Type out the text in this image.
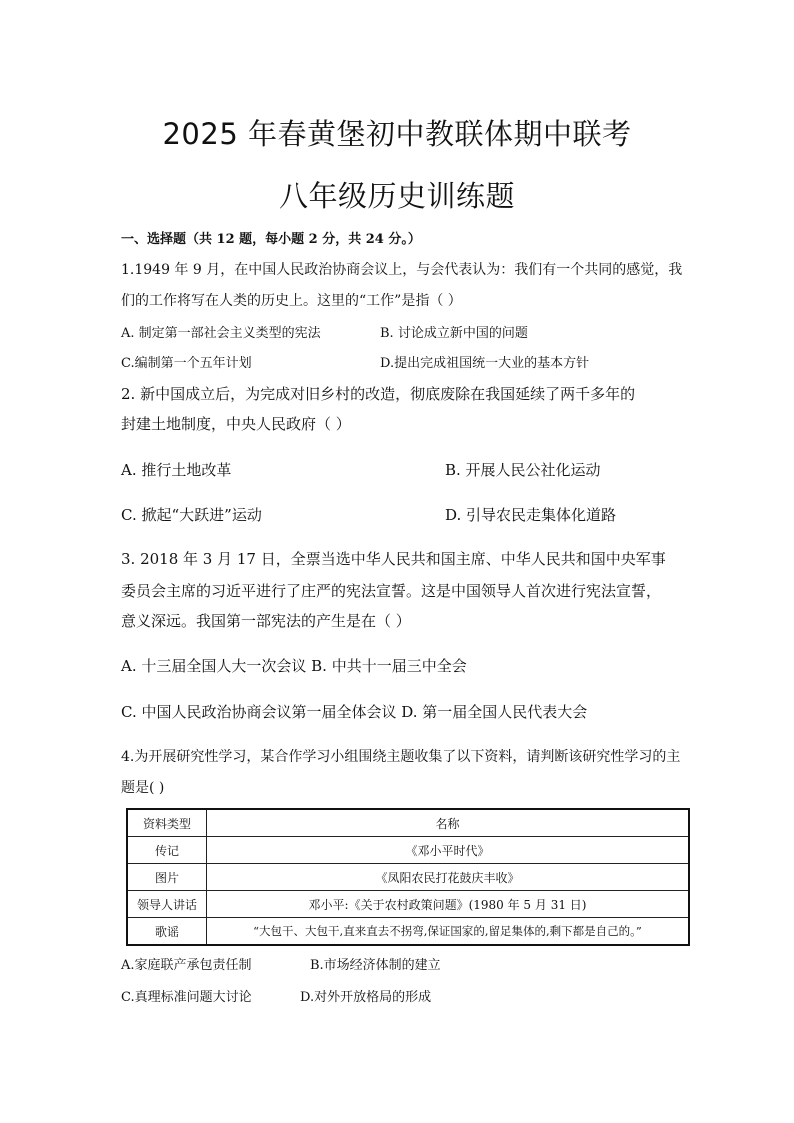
2025 年春黄堡初中教联体期中联考
八年级历史训练题
一、选择题（共 12 题，每小题 2 分，共 24 分。）
1.1949 年 9 月，在中国人民政治协商会议上，与会代表认为：我们有一个共同的感觉，我
们的工作将写在人类的历史上。这里的“工作”是指（ ）
A. 制定第一部社会主义类型的宪法	B. 讨论成立新中国的问题
C.编制第一个五年计划	D.提出完成祖国统一大业的基本方针
2. 新中国成立后，为完成对旧乡村的改造，彻底废除在我国延续了两千多年的
封建土地制度，中央人民政府（ ）
A. 推行土地改革	B. 开展人民公社化运动
C. 掀起“大跃进”运动	D. 引导农民走集体化道路
3. 2018 年 3 月 17 日，全票当选中华人民共和国主席、中华人民共和国中央军事
委员会主席的习近平进行了庄严的宪法宣誓。这是中国领导人首次进行宪法宣誓，
意义深远。我国第一部宪法的产生是在（ ）
A. 十三届全国人大一次会议 B. 中共十一届三中全会
C. 中国人民政治协商会议第一届全体会议 D. 第一届全国人民代表大会
4.为开展研究性学习，某合作学习小组围绕主题收集了以下资料，请判断该研究性学习的主
题是( )
资料类型	名称
传记	《邓小平时代》
图片	《凤阳农民打花鼓庆丰收》
领导人讲话	邓小平:《关于农村政策问题》(1980 年 5 月 31 日)
歌谣	“大包干、大包干,直来直去不拐弯,保证国家的,留足集体的,剩下都是自己的。”
A.家庭联产承包责任制	B.市场经济体制的建立
C.真理标准问题大讨论	D.对外开放格局的形成
